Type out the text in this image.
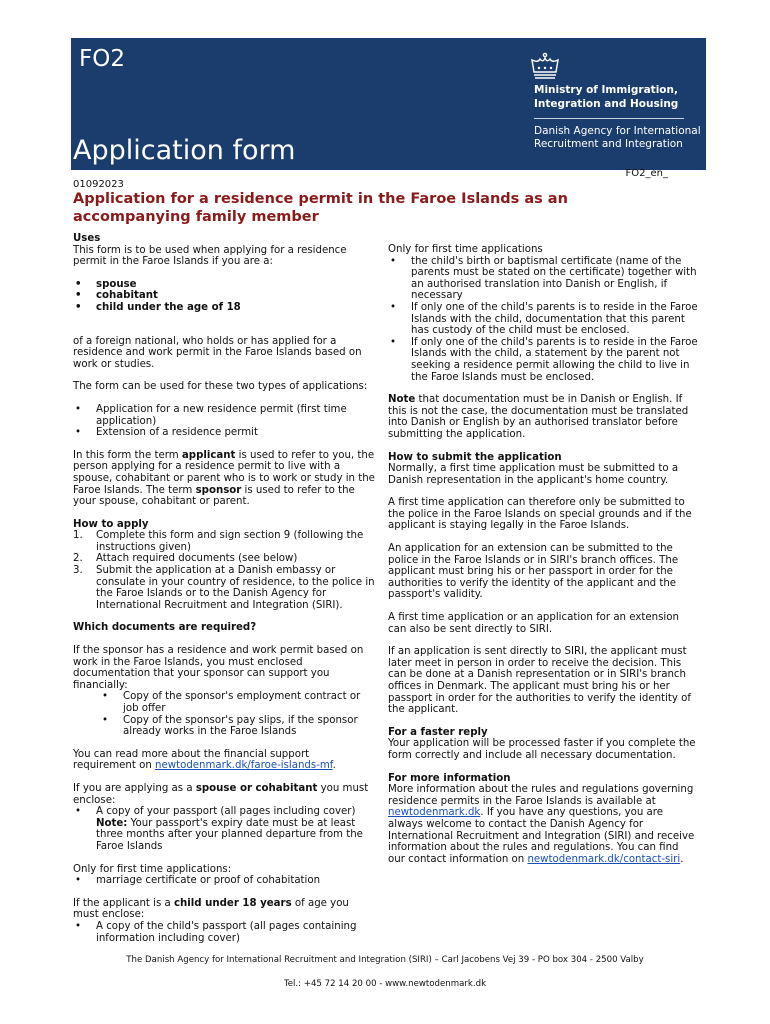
FO2
Application form
Ministry of Immigration,
Integration and Housing
Danish Agency for International
Recruitment and Integration
FO2_en_
01092023
Application for a residence permit in the Faroe Islands as an
accompanying family member
Uses
This form is to be used when applying for a residence permit in the Faroe Islands if you are a:
• spouse
• cohabitant
• child under the age of 18
of a foreign national, who holds or has applied for a residence and work permit in the Faroe Islands based on work or studies.
The form can be used for these two types of applications:
• Application for a new residence permit (first time application)
• Extension of a residence permit
In this form the term applicant is used to refer to you, the person applying for a residence permit to live with a spouse, cohabitant or parent who is to work or study in the Faroe Islands. The term sponsor is used to refer to the your spouse, cohabitant or parent.
How to apply
1. Complete this form and sign section 9 (following the instructions given)
2. Attach required documents (see below)
3. Submit the application at a Danish embassy or consulate in your country of residence, to the police in the Faroe Islands or to the Danish Agency for International Recruitment and Integration (SIRI).
Which documents are required?
If the sponsor has a residence and work permit based on work in the Faroe Islands, you must enclosed documentation that your sponsor can support you financially:
• Copy of the sponsor's employment contract or job offer
• Copy of the sponsor's pay slips, if the sponsor already works in the Faroe Islands
You can read more about the financial support requirement on newtodenmark.dk/faroe-islands-mf.
If you are applying as a spouse or cohabitant you must enclose:
• A copy of your passport (all pages including cover)
Note: Your passport's expiry date must be at least three months after your planned departure from the Faroe Islands
Only for first time applications:
• marriage certificate or proof of cohabitation
If the applicant is a child under 18 years of age you must enclose:
• A copy of the child's passport (all pages containing information including cover)
Only for first time applications
• the child's birth or baptismal certificate (name of the parents must be stated on the certificate) together with an authorised translation into Danish or English, if necessary
• If only one of the child's parents is to reside in the Faroe Islands with the child, documentation that this parent has custody of the child must be enclosed.
• If only one of the child's parents is to reside in the Faroe Islands with the child, a statement by the parent not seeking a residence permit allowing the child to live in the Faroe Islands must be enclosed.
Note that documentation must be in Danish or English. If this is not the case, the documentation must be translated into Danish or English by an authorised translator before submitting the application.
How to submit the application
Normally, a first time application must be submitted to a Danish representation in the applicant's home country.
A first time application can therefore only be submitted to the police in the Faroe Islands on special grounds and if the applicant is staying legally in the Faroe Islands.
An application for an extension can be submitted to the police in the Faroe Islands or in SIRI's branch offices. The applicant must bring his or her passport in order for the authorities to verify the identity of the applicant and the passport's validity.
A first time application or an application for an extension can also be sent directly to SIRI.
If an application is sent directly to SIRI, the applicant must later meet in person in order to receive the decision. This can be done at a Danish representation or in SIRI's branch offices in Denmark. The applicant must bring his or her passport in order for the authorities to verify the identity of the applicant.
For a faster reply
Your application will be processed faster if you complete the form correctly and include all necessary documentation.
For more information
More information about the rules and regulations governing residence permits in the Faroe Islands is available at newtodenmark.dk. If you have any questions, you are always welcome to contact the Danish Agency for International Recruitment and Integration (SIRI) and receive information about the rules and regulations. You can find our contact information on newtodenmark.dk/contact-siri.
The Danish Agency for International Recruitment and Integration (SIRI) – Carl Jacobens Vej 39 - PO box 304 - 2500 Valby
Tel.: +45 72 14 20 00 - www.newtodenmark.dk
